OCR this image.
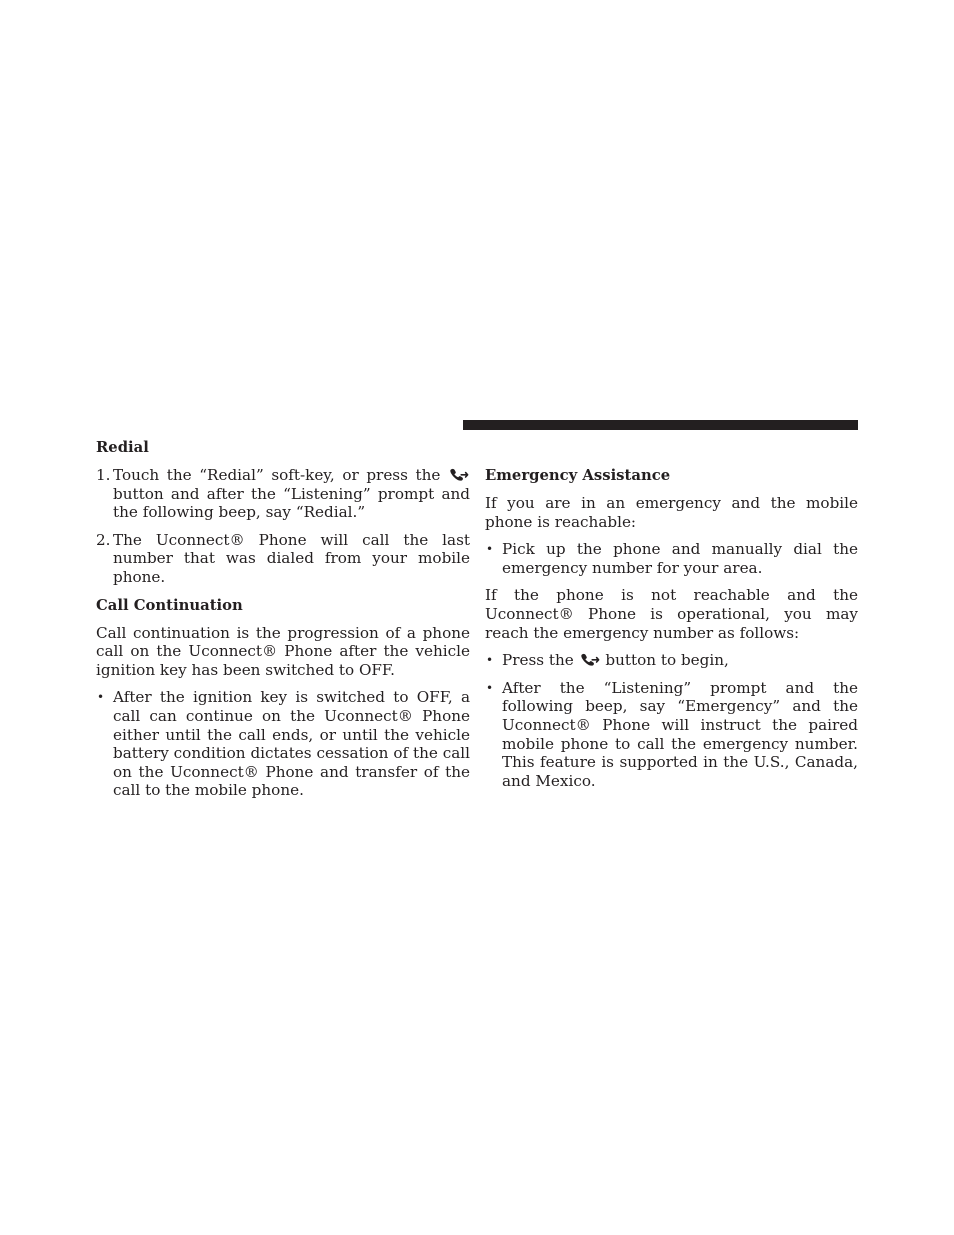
Redial
1. Touch the “Redial” soft-key, or press the  button and after the “Listening” prompt and the following beep, say “Redial.”
2. The Uconnect® Phone will call the last number that was dialed from your mobile phone.
Call Continuation

Call continuation is the progression of a phone call on the Uconnect® Phone after the vehicle ignition key has been switched to OFF.

• After the ignition key is switched to OFF, a call can continue on the Uconnect® Phone either until the call ends, or until the vehicle battery condition dictates cessation of the call on the Uconnect® Phone and transfer of the call to the mobile phone.
Emergency Assistance

If you are in an emergency and the mobile phone is reachable:

• Pick up the phone and manually dial the emergency number for your area.

If the phone is not reachable and the Uconnect® Phone is operational, you may reach the emergency number as follows:

• Press the button to begin,
• After the “Listening” prompt and the following beep, say “Emergency” and the Uconnect® Phone will instruct the paired mobile phone to call the emergency number. This feature is supported in the U.S., Canada, and Mexico.
